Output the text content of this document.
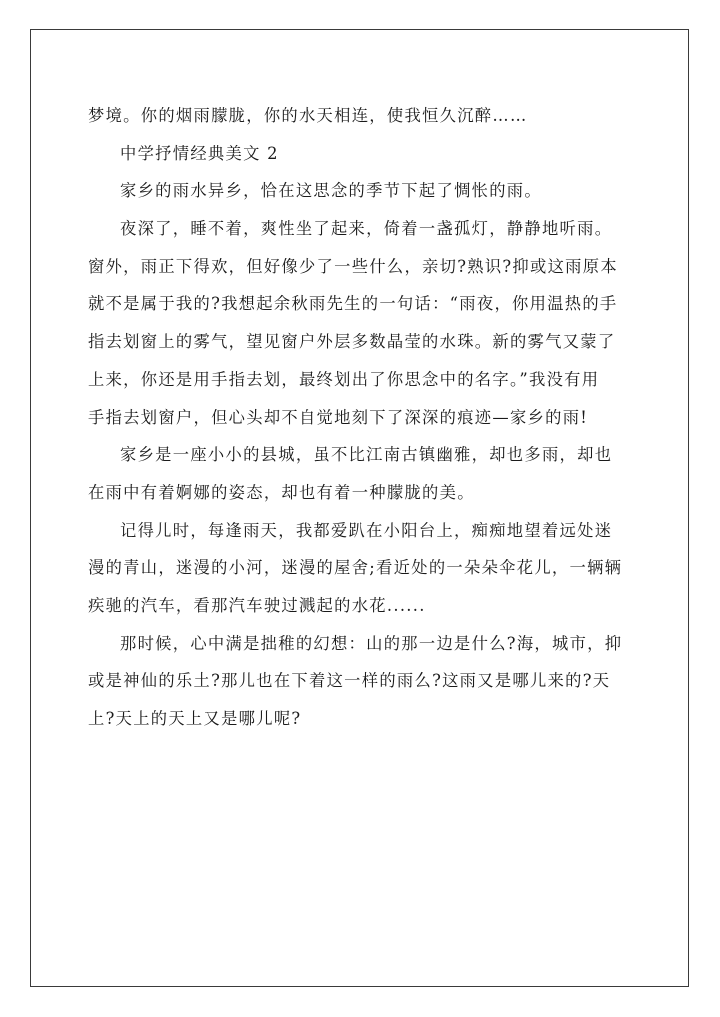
梦境。你的烟雨朦胧，你的水天相连，使我恒久沉醉……
中学抒情经典美文 2
家乡的雨水异乡，恰在这思念的季节下起了惆怅的雨。
夜深了，睡不着，爽性坐了起来，倚着一盏孤灯，静静地听雨。
窗外，雨正下得欢，但好像少了一些什么，亲切?熟识?抑或这雨原本
就不是属于我的?我想起余秋雨先生的一句话：“雨夜，你用温热的手
指去划窗上的雾气，望见窗户外层多数晶莹的水珠。新的雾气又蒙了
上来，你还是用手指去划，最终划出了你思念中的名字。”我没有用
手指去划窗户，但心头却不自觉地刻下了深深的痕迹—家乡的雨!
家乡是一座小小的县城，虽不比江南古镇幽雅，却也多雨，却也
在雨中有着婀娜的姿态，却也有着一种朦胧的美。
记得儿时，每逢雨天，我都爱趴在小阳台上，痴痴地望着远处迷
漫的青山，迷漫的小河，迷漫的屋舍;看近处的一朵朵伞花儿，一辆辆
疾驰的汽车，看那汽车驶过溅起的水花......
那时候，心中满是拙稚的幻想：山的那一边是什么?海，城市，抑
或是神仙的乐土?那儿也在下着这一样的雨么?这雨又是哪儿来的?天
上?天上的天上又是哪儿呢?
